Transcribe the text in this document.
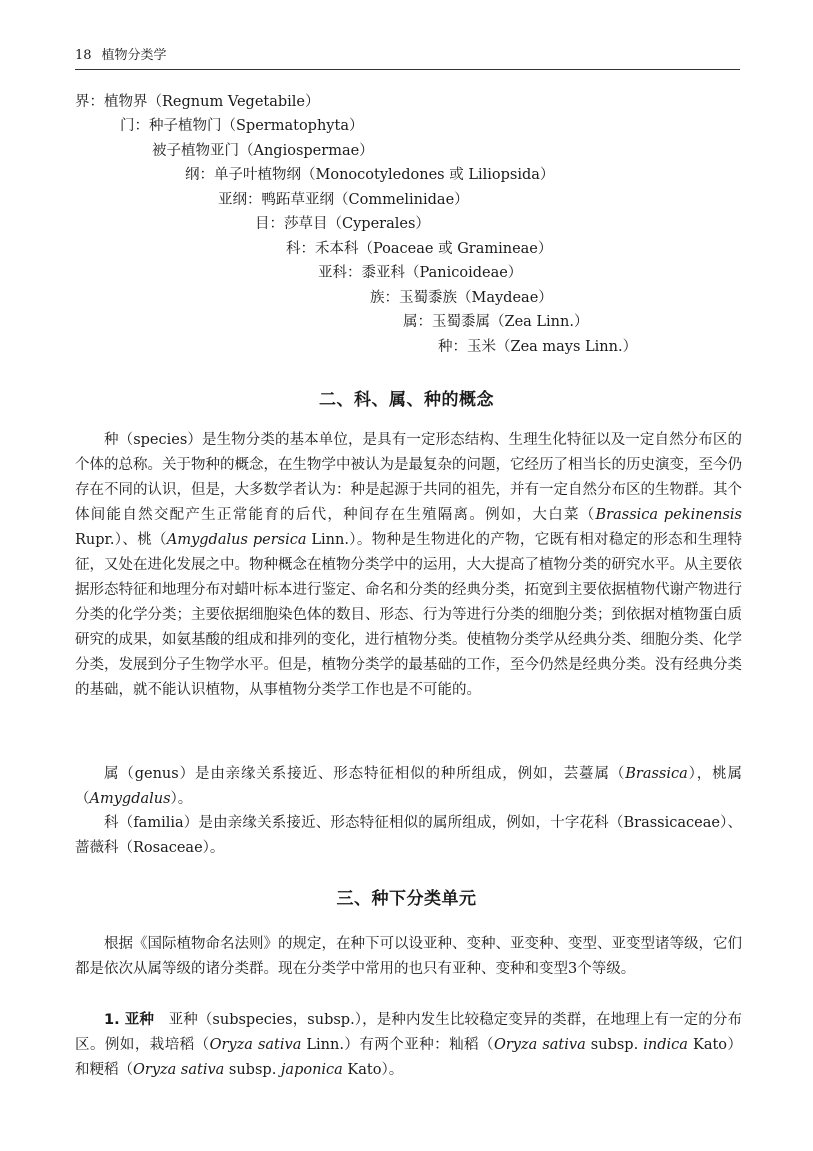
18 植物分类学
界：植物界（Regnum Vegetabile）
门：种子植物门（Spermatophyta）
被子植物亚门（Angiospermae）
纲：单子叶植物纲（Monocotyledones 或 Liliopsida）
亚纲：鸭跖草亚纲（Commelinidae）
目：莎草目（Cyperales）
科：禾本科（Poaceae 或 Gramineae）
亚科：黍亚科（Panicoideae）
族：玉蜀黍族（Maydeae）
属：玉蜀黍属（Zea Linn.）
种：玉米（Zea mays Linn.）
二、科、属、种的概念

种（species）是生物分类的基本单位，是具有一定形态结构、生理生化特征以及一定自然分布区的个体的总称。关于物种的概念，在生物学中被认为是最复杂的问题，它经历了相当长的历史演变，至今仍存在不同的认识，但是，大多数学者认为：种是起源于共同的祖先，并有一定自然分布区的生物群。其个体间能自然交配产生正常能育的后代，种间存在生殖隔离。例如，大白菜（Brassica pekinensis Rupr.）、桃（Amygdalus persica Linn.）。物种是生物进化的产物，它既有相对稳定的形态和生理特征，又处在进化发展之中。物种概念在植物分类学中的运用，大大提高了植物分类的研究水平。从主要依据形态特征和地理分布对蜡叶标本进行鉴定、命名和分类的经典分类，拓宽到主要依据植物代谢产物进行分类的化学分类；主要依据细胞染色体的数目、形态、行为等进行分类的细胞分类；到依据对植物蛋白质研究的成果，如氨基酸的组成和排列的变化，进行植物分类。使植物分类学从经典分类、细胞分类、化学分类，发展到分子生物学水平。但是，植物分类学的最基础的工作，至今仍然是经典分类。没有经典分类的基础，就不能认识植物，从事植物分类学工作也是不可能的。

属（genus）是由亲缘关系接近、形态特征相似的种所组成，例如，芸薹属（Brassica），桃属（Amygdalus）。

科（familia）是由亲缘关系接近、形态特征相似的属所组成，例如，十字花科（Brassicaceae）、蔷薇科（Rosaceae）。

三、种下分类单元

根据《国际植物命名法则》的规定，在种下可以设亚种、变种、亚变种、变型、亚变型诸等级，它们都是依次从属等级的诸分类群。现在分类学中常用的也只有亚种、变种和变型3个等级。

1. 亚种　亚种（subspecies，subsp.），是种内发生比较稳定变异的类群，在地理上有一定的分布区。例如，栽培稻（Oryza sativa Linn.）有两个亚种：籼稻（Oryza sativa subsp. indica Kato）和粳稻（Oryza sativa subsp. japonica Kato）。
